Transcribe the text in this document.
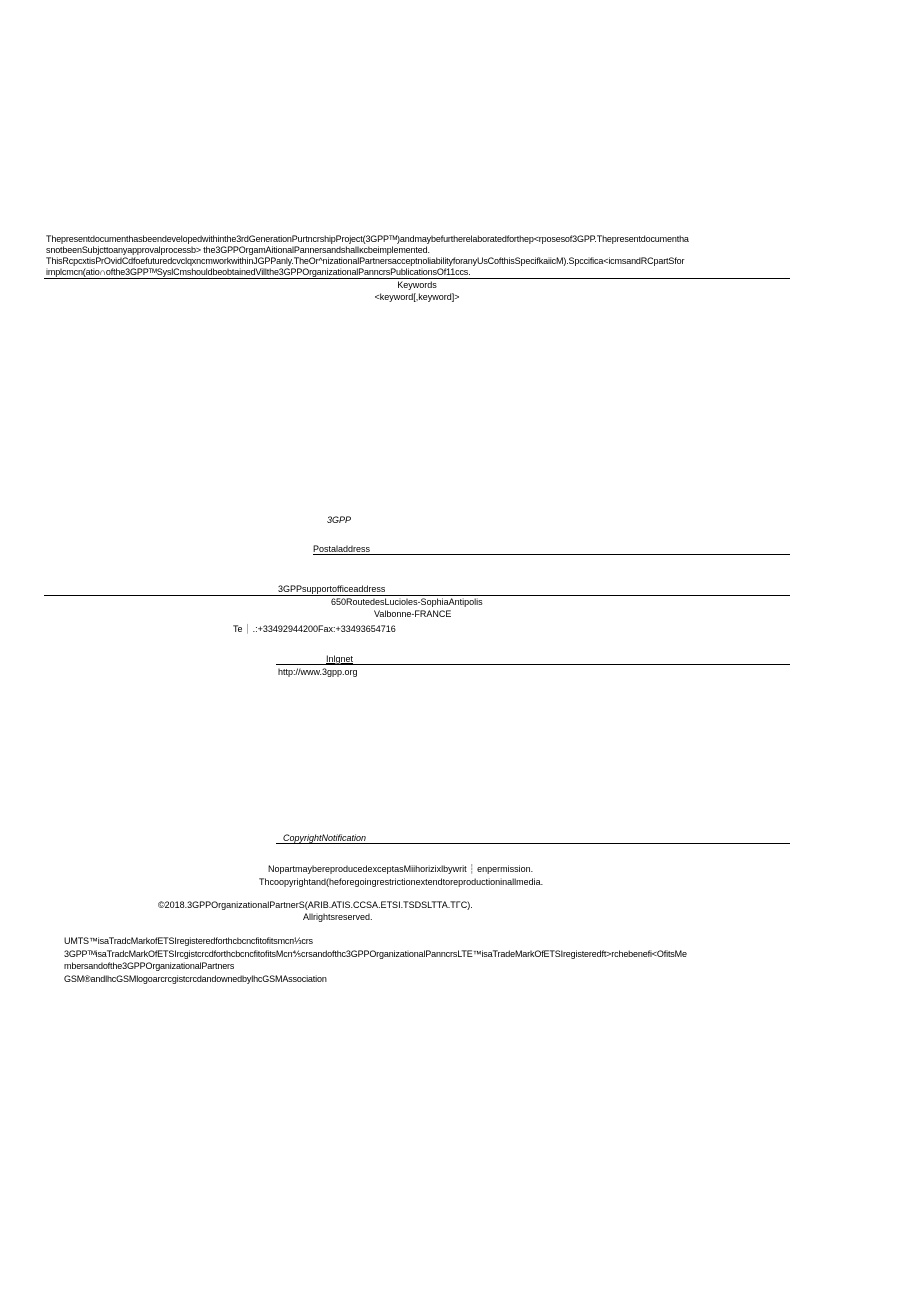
Thepresentdocumenthasbeendevelopedwithinthe3rdGenerationPurtncrshipProject(3GPPᵀᴹ)andmaybefurtherelaboratedforthep<rposesof3GPP.Thepresentdocumentha
snotbeenSubjcttoanyapprovalprocessb> the3GPPOrgamAitionalPannersandshalIκcbeimplemented.
ThisRcpcxtisPrOvidCdfoefuturedcvclqxncmworkwithinJGPPanly.TheOr^nizationalPartnersacceptnoliabilityforanyUsCofthisSpecifkaiicM).Spccifica<icmsandRCpartSfor
implcmcn(atio∩ofthe3GPPᵀᴹSyslCmshouldbeobtainedVillthe3GPPOrganizationalPanncrsPublicationsOf11ccs.
Keywords
<keyword[,keyword]>
3GPP
Postaladdress
3GPPsupportofficeaddress
650RoutedesLucioles-SophiaAntipolis
Valbonne-FRANCE
Te ⏐ .:+33492944200Fax:+33493654716
Inlgnet
http://www.3gpp.org
CopyrightNotification
NopartmaybereproducedexceptasMiihorizixlbywrit ┆ enpermission.
Thcoopyrightand(heforegoingrestrictionextendtoreproductioninallmedia.
©2018.3GPPOrganizationalPartnerS(ARIB.ATIS.CCSA.ETSI.TSDSLTTA.TΓC).
Allrightsreserved.
UMTS™isaTradcMarkofETSIregisteredforthcbcncfitofitsmcп⅓crs
3GPPᵀᴹisaTradcMarkOfETSIrcgistcrcdforthcbcncfitofitsMcn⅘crsandofthc3GPPOrganizationalPanncrsLTE™isaTradeMarkOfETSIregisteredft>rchebenefi<OfitsMe
mbersandofthe3GPPOrganizationalPartners
GSM®andlhcGSMlogoarcrcgistcrcdandownedbylhcGSMAssociation
